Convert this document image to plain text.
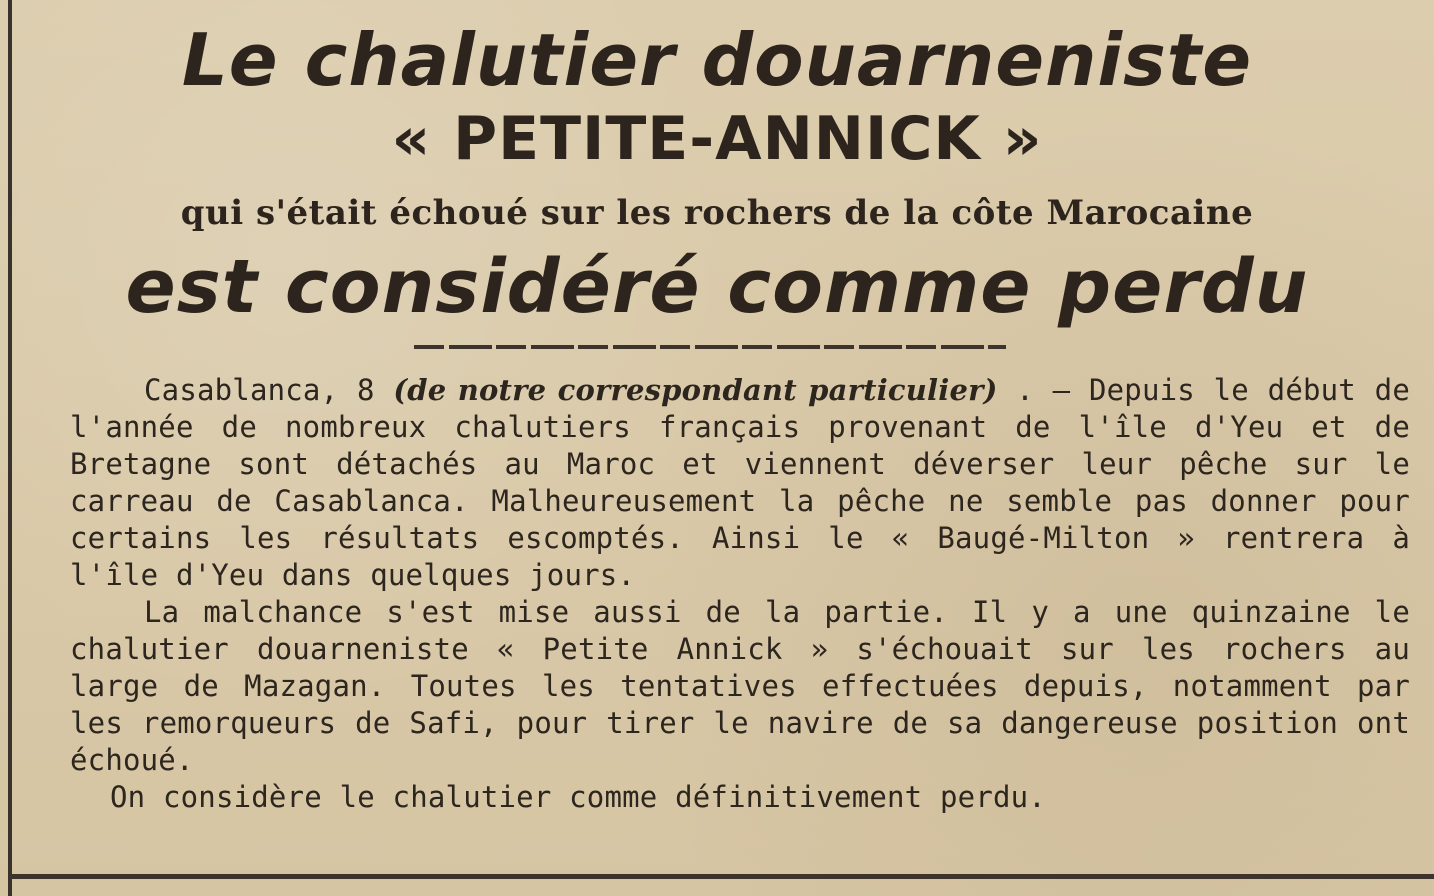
Le chalutier douarneniste
« PETITE-ANNICK »
qui s'était échoué sur les rochers de la côte Marocaine
est considéré comme perdu

Casablanca, 8 (de notre correspondant particulier) . — Depuis le début de l'année de nombreux chalutiers français provenant de l'île d'Yeu et de Bretagne sont détachés au Maroc et viennent déverser leur pêche sur le carreau de Casablanca. Malheureusement la pêche ne semble pas donner pour certains les résultats escomptés. Ainsi le « Baugé-Milton » rentrera à l'île d'Yeu dans quelques jours.

La malchance s'est mise aussi de la partie. Il y a une quinzaine le chalutier douarneniste « Petite Annick » s'échouait sur les rochers au large de Mazagan. Toutes les tentatives effectuées depuis, notamment par les remorqueurs de Safi, pour tirer le navire de sa dangereuse position ont échoué.

On considère le chalutier comme définitivement perdu.
